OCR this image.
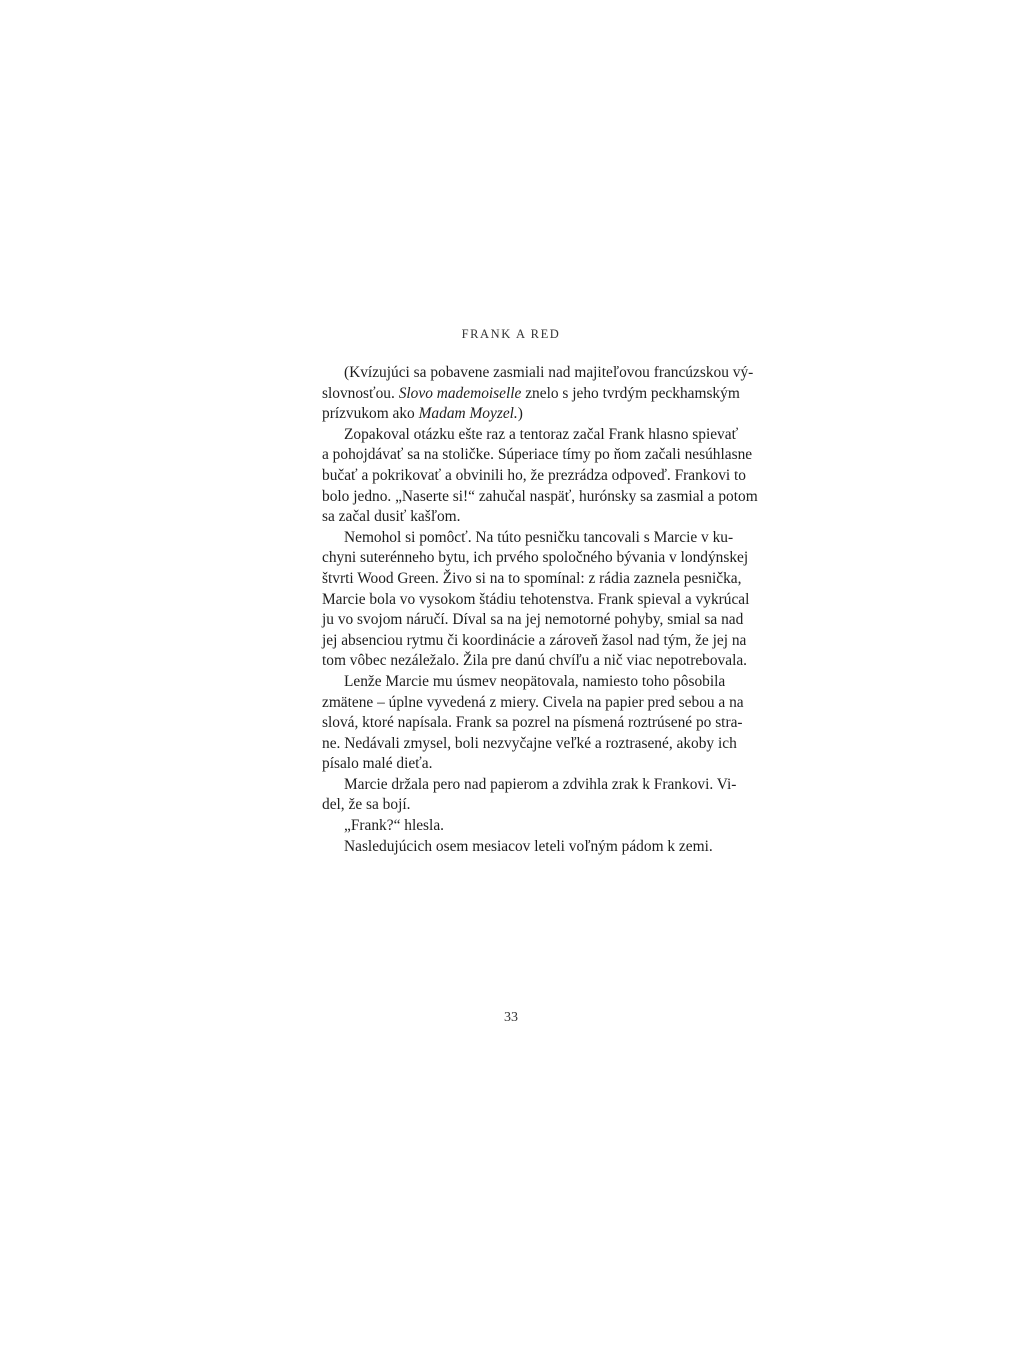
FRANK A RED
(Kvízujúci sa pobavene zasmiali nad majiteľovou francúzskou vý-
slovnosťou. Slovo mademoiselle znelo s jeho tvrdým peckhamským
prízvukom ako Madam Moyzel.)
Zopakoval otázku ešte raz a tentoraz začal Frank hlasno spievať
a pohojdávať sa na stoličke. Súperiace tímy po ňom začali nesúhlasne
bučať a pokrikovať a obvinili ho, že prezrádza odpoveď. Frankovi to
bolo jedno. „Naserte si!“ zahučal naspäť, hurónsky sa zasmial a potom
sa začal dusiť kašľom.
Nemohol si pomôcť. Na túto pesničku tancovali s Marcie v ku-
chyni suterénneho bytu, ich prvého spoločného bývania v londýnskej
štvrti Wood Green. Živo si na to spomínal: z rádia zaznela pesnička,
Marcie bola vo vysokom štádiu tehotenstva. Frank spieval a vykrúcal
ju vo svojom náručí. Díval sa na jej nemotorné pohyby, smial sa nad
jej absenciou rytmu či koordinácie a zároveň žasol nad tým, že jej na
tom vôbec nezáležalo. Žila pre danú chvíľu a nič viac nepotrebovala.
Lenže Marcie mu úsmev neopätovala, namiesto toho pôsobila
zmätene – úplne vyvedená z miery. Civela na papier pred sebou a na
slová, ktoré napísala. Frank sa pozrel na písmená roztrúsené po stra-
ne. Nedávali zmysel, boli nezvyčajne veľké a roztrasené, akoby ich
písalo malé dieťa.
Marcie držala pero nad papierom a zdvihla zrak k Frankovi. Vi-
del, že sa bojí.
„Frank?“ hlesla.
Nasledujúcich osem mesiacov leteli voľným pádom k zemi.
33
